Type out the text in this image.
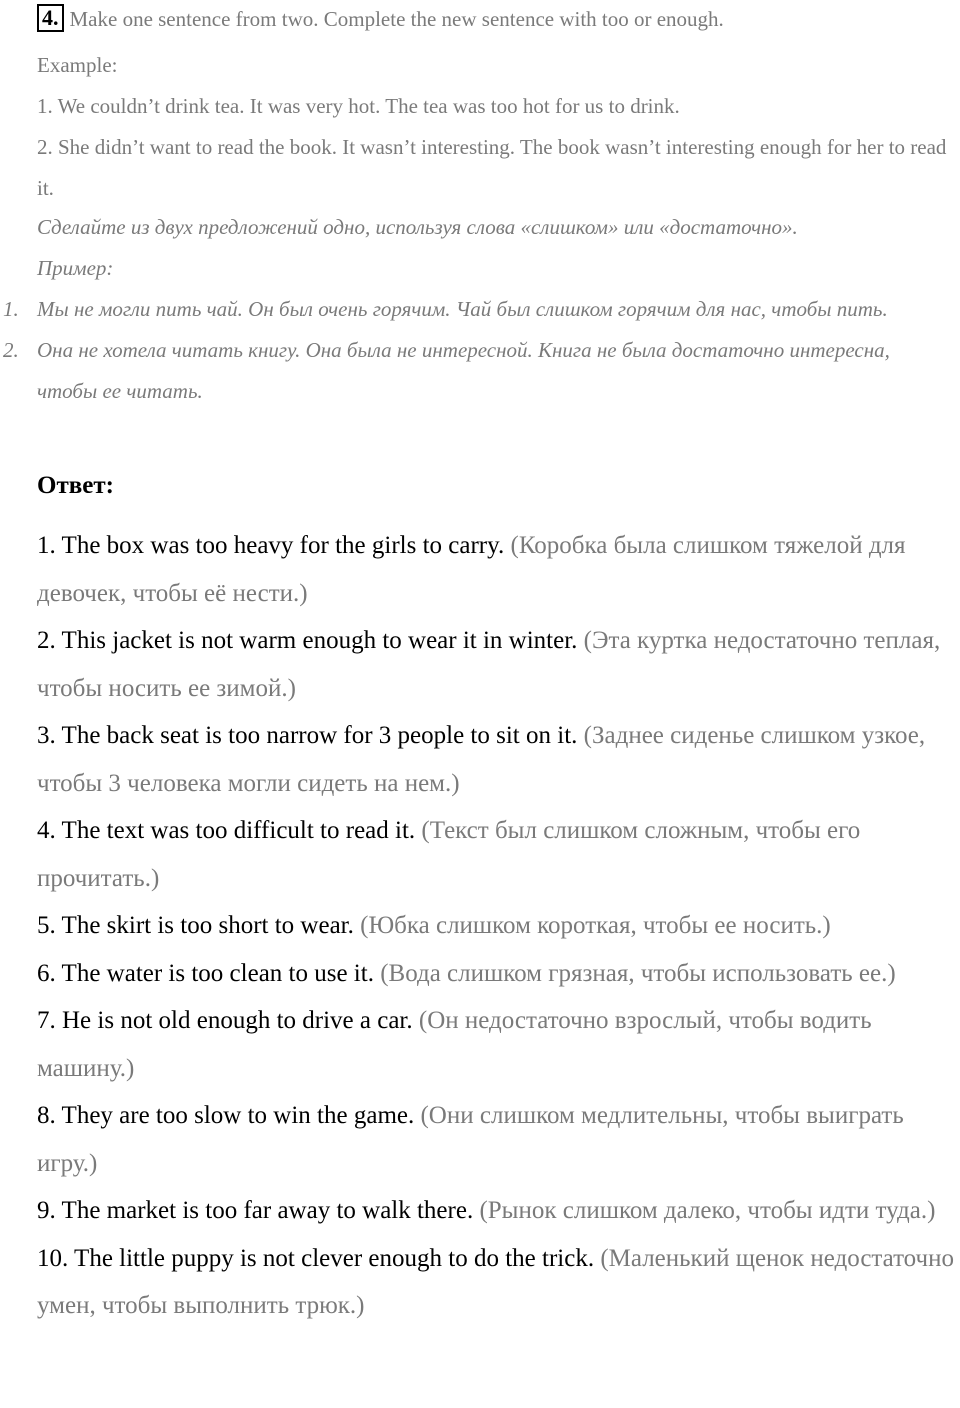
4. Make one sentence from two. Complete the new sentence with too or enough.

Example:

1. We couldn’t drink tea. It was very hot. The tea was too hot for us to drink.

2. She didn’t want to read the book. It wasn’t interesting. The book wasn’t interesting enough for her to read it.

Сделайте из двух предложений одно, используя слова «слишком» или «достаточно».

Пример:

1. Мы не могли пить чай. Он был очень горячим. Чай был слишком горячим для нас, чтобы пить.

2. Она не хотела читать книгу. Она была не интересной. Книга не была достаточно интересна, чтобы ее читать.

Ответ:

1. The box was too heavy for the girls to carry. (Коробка была слишком тяжелой для девочек, чтобы её нести.)

2. This jacket is not warm enough to wear it in winter. (Эта куртка недостаточно теплая, чтобы носить ее зимой.)

3. The back seat is too narrow for 3 people to sit on it. (Заднее сиденье слишком узкое, чтобы 3 человека могли сидеть на нем.)

4. The text was too difficult to read it. (Текст был слишком сложным, чтобы его прочитать.)

5. The skirt is too short to wear. (Юбка слишком короткая, чтобы ее носить.)

6. The water is too clean to use it. (Вода слишком грязная, чтобы использовать ее.)

7. He is not old enough to drive a car. (Он недостаточно взрослый, чтобы водить машину.)

8. They are too slow to win the game. (Они слишком медлительны, чтобы выиграть игру.)

9. The market is too far away to walk there. (Рынок слишком далеко, чтобы идти туда.)

10. The little puppy is not clever enough to do the trick. (Маленький щенок недостаточно умен, чтобы выполнить трюк.)
